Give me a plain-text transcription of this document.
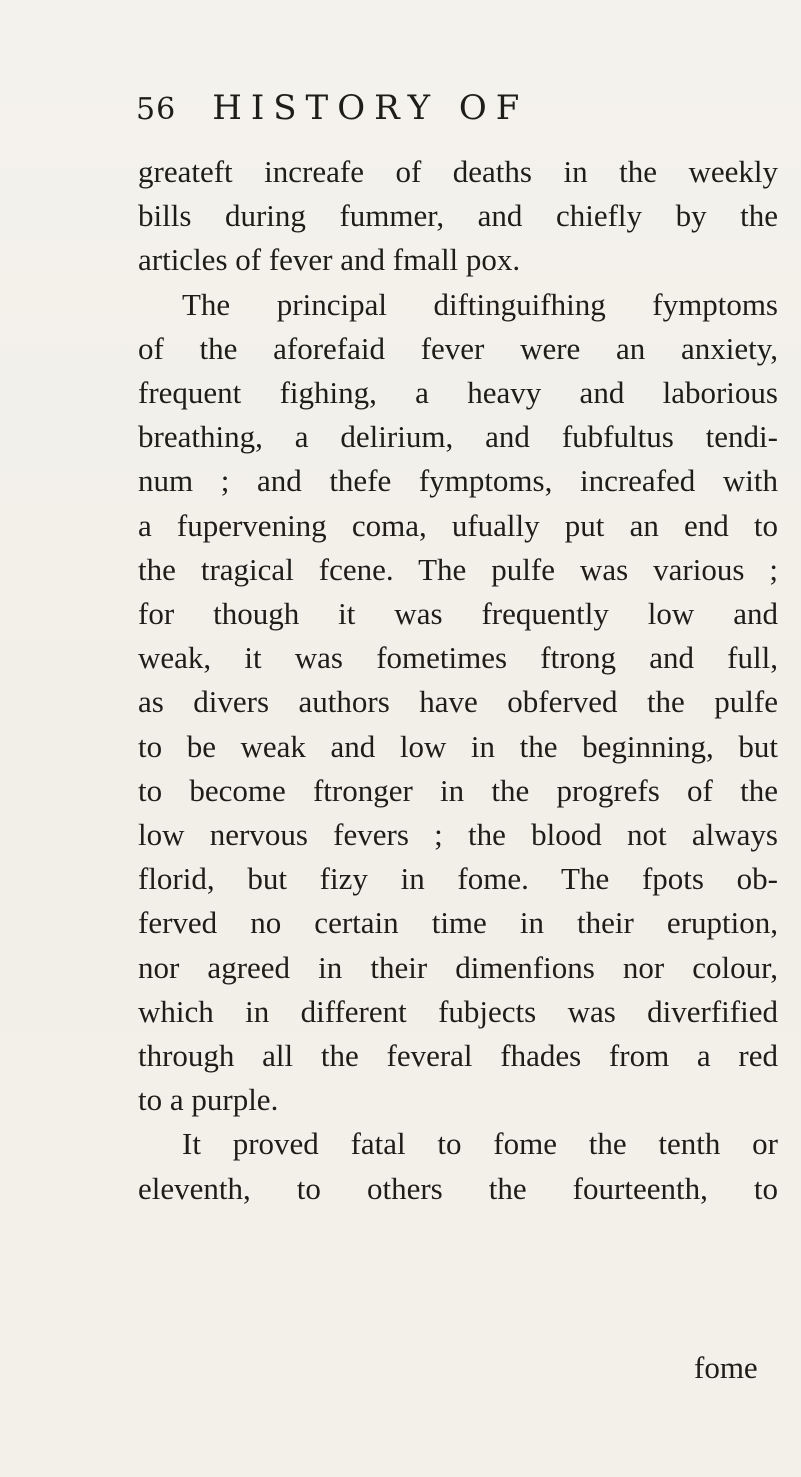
56 HISTORY OF
greateft increafe of deaths in the weekly
bills during fummer, and chiefly by the
articles of fever and fmall pox.
The principal diftinguifhing fymptoms
of the aforefaid fever were an anxiety,
frequent fighing, a heavy and laborious
breathing, a delirium, and fubfultus tendi-
num ; and thefe fymptoms, increafed with
a fupervening coma, ufually put an end to
the tragical fcene. The pulfe was various ;
for though it was frequently low and
weak, it was fometimes ftrong and full,
as divers authors have obferved the pulfe
to be weak and low in the beginning, but
to become ftronger in the progrefs of the
low nervous fevers ; the blood not always
florid, but fizy in fome. The fpots ob-
ferved no certain time in their eruption,
nor agreed in their dimenfions nor colour,
which in different fubjects was diverfified
through all the feveral fhades from a red
to a purple.
It proved fatal to fome the tenth or
eleventh, to others the fourteenth, to
fome
